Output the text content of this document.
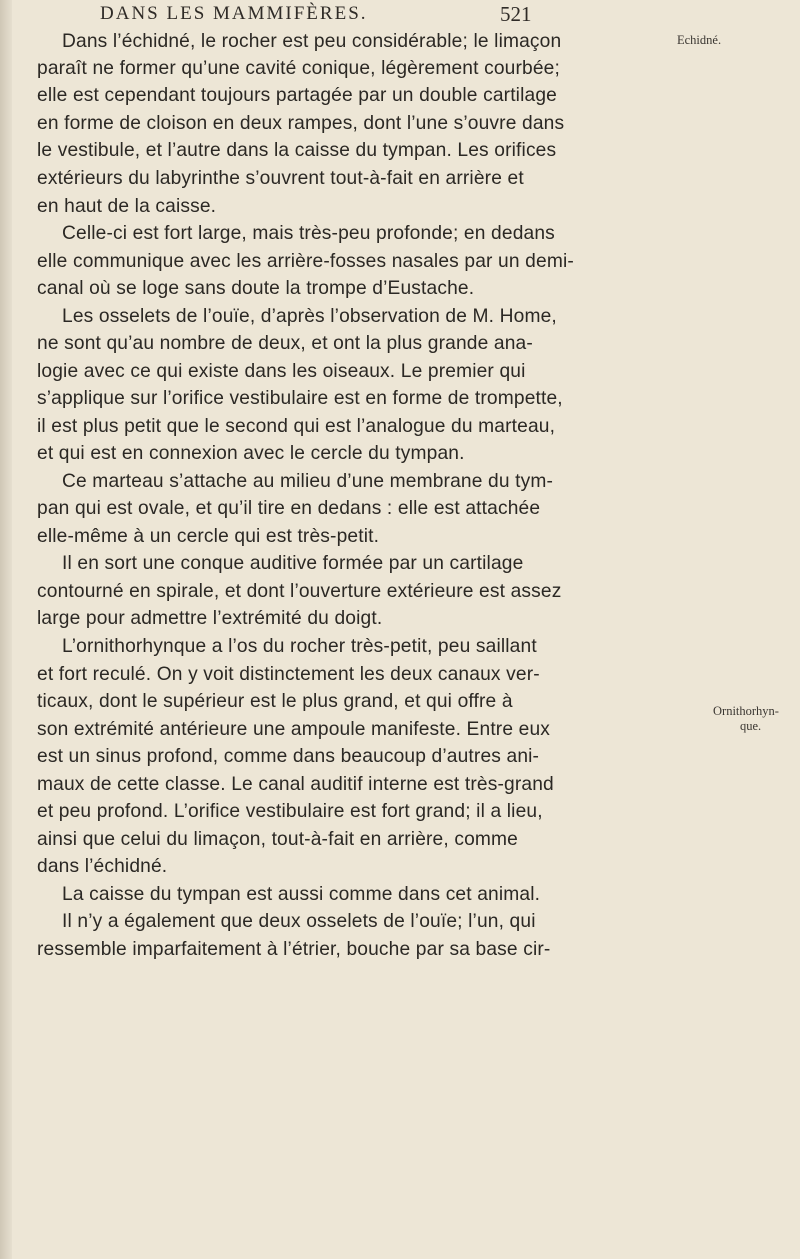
DANS LES MAMMIFÈRES.	521
Echidné.
Ornithorhyn-
que.
Dans l’échidné, le rocher est peu considérable; le limaçon
paraît ne former qu’une cavité conique, légèrement courbée;
elle est cependant toujours partagée par un double cartilage
en forme de cloison en deux rampes, dont l’une s’ouvre dans
le vestibule, et l’autre dans la caisse du tympan. Les orifices
extérieurs du labyrinthe s’ouvrent tout-à-fait en arrière et
en haut de la caisse.
Celle-ci est fort large, mais très-peu profonde; en dedans
elle communique avec les arrière-fosses nasales par un demi-
canal où se loge sans doute la trompe d’Eustache.
Les osselets de l’ouïe, d’après l’observation de M. Home,
ne sont qu’au nombre de deux, et ont la plus grande ana-
logie avec ce qui existe dans les oiseaux. Le premier qui
s’applique sur l’orifice vestibulaire est en forme de trompette,
il est plus petit que le second qui est l’analogue du marteau,
et qui est en connexion avec le cercle du tympan.
Ce marteau s’attache au milieu d’une membrane du tym-
pan qui est ovale, et qu’il tire en dedans : elle est attachée
elle-même à un cercle qui est très-petit.
Il en sort une conque auditive formée par un cartilage
contourné en spirale, et dont l’ouverture extérieure est assez
large pour admettre l’extrémité du doigt.
L’ornithorhynque a l’os du rocher très-petit, peu saillant
et fort reculé. On y voit distinctement les deux canaux ver-
ticaux, dont le supérieur est le plus grand, et qui offre à
son extrémité antérieure une ampoule manifeste. Entre eux
est un sinus profond, comme dans beaucoup d’autres ani-
maux de cette classe. Le canal auditif interne est très-grand
et peu profond. L’orifice vestibulaire est fort grand; il a lieu,
ainsi que celui du limaçon, tout-à-fait en arrière, comme
dans l’échidné.
La caisse du tympan est aussi comme dans cet animal.
Il n’y a également que deux osselets de l’ouïe; l’un, qui
ressemble imparfaitement à l’étrier, bouche par sa base cir-
